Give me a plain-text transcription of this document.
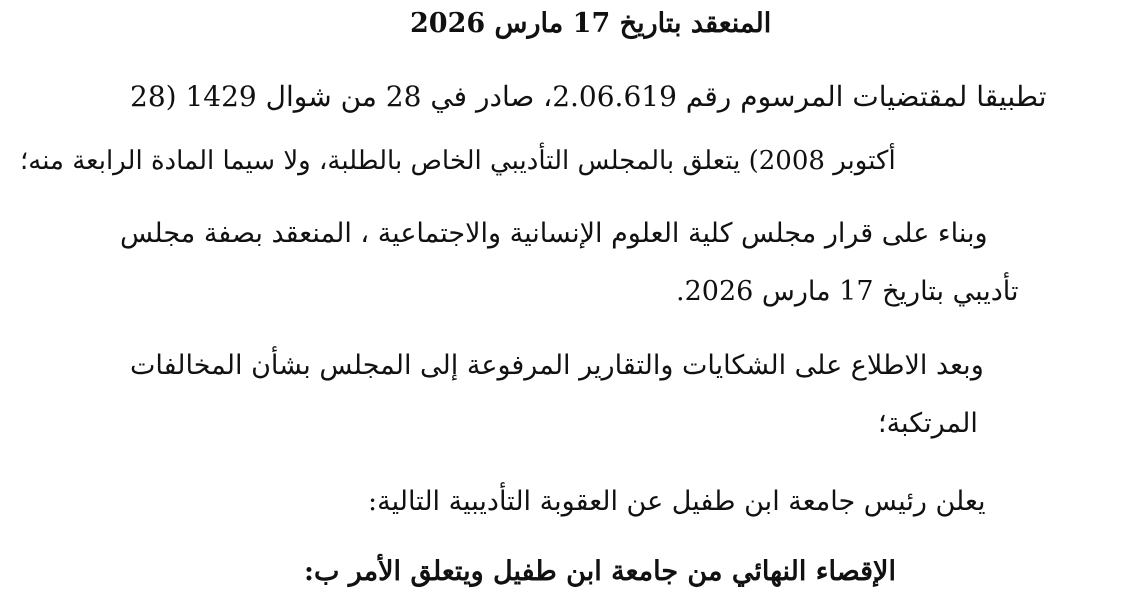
المنعقد بتاريخ 17 مارس 2026
تطبيقا لمقتضيات المرسوم رقم 2.06.619، صادر في 28 من شوال 1429 (28
أكتوبر 2008) يتعلق بالمجلس التأديبي الخاص بالطلبة، ولا سيما المادة الرابعة منه؛
وبناء على قرار مجلس كلية العلوم الإنسانية والاجتماعية ، المنعقد بصفة مجلس
تأديبي بتاريخ 17 مارس 2026.
وبعد الاطلاع على الشكايات والتقارير المرفوعة إلى المجلس بشأن المخالفات
المرتكبة؛
يعلن رئيس جامعة ابن طفيل عن العقوبة التأديبية التالية:
الإقصاء النهائي من جامعة ابن طفيل ويتعلق الأمر ب:
